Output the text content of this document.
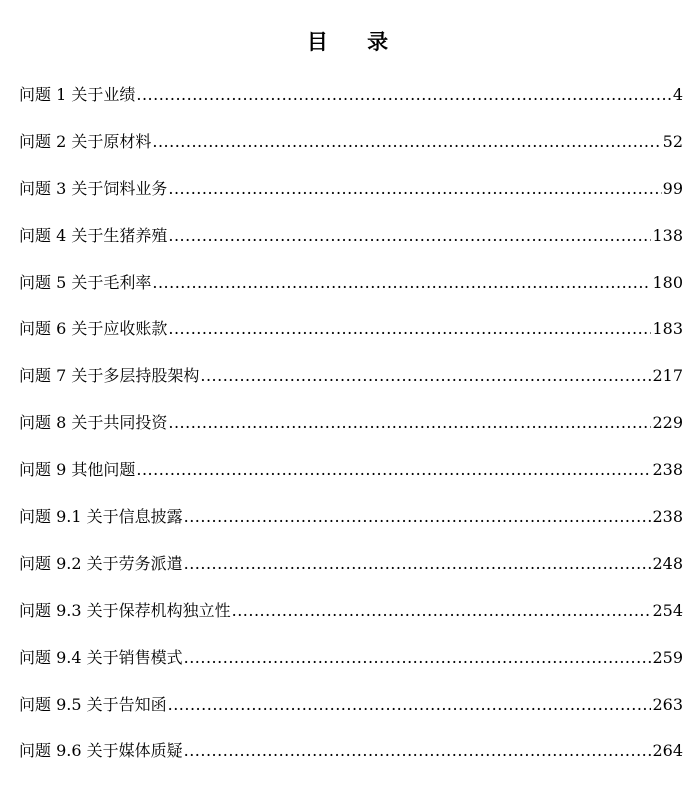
目 录
问题 1 关于业绩 .....	4
问题 2 关于原材料 .....	52
问题 3 关于饲料业务 .....	99
问题 4 关于生猪养殖 .....	138
问题 5 关于毛利率 .....	180
问题 6 关于应收账款 .....	183
问题 7 关于多层持股架构 .....	217
问题 8 关于共同投资 .....	229
问题 9 其他问题 .....	238
问题 9.1 关于信息披露 .....	238
问题 9.2 关于劳务派遣 .....	248
问题 9.3 关于保荐机构独立性 .....	254
问题 9.4 关于销售模式 .....	259
问题 9.5 关于告知函 .....	263
问题 9.6 关于媒体质疑 .....	264
